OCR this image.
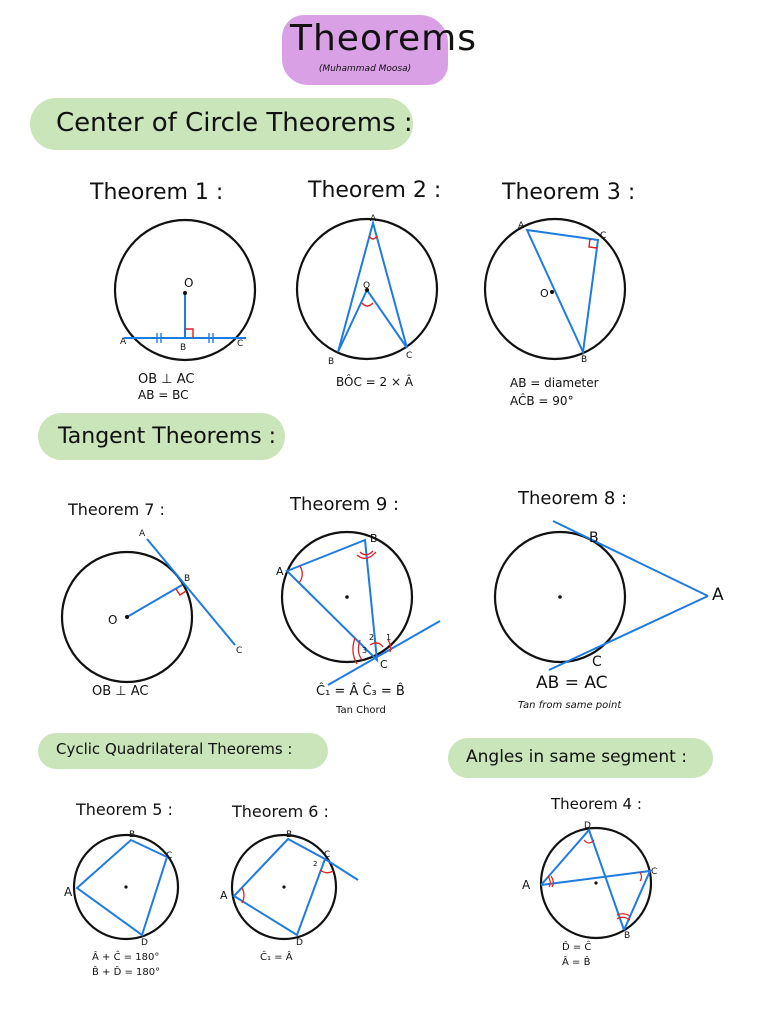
Theorems
(Muhammad Moosa)
Center of Circle Theorems :
Tangent Theorems :
Cyclic Quadrilateral Theorems :	Angles in same segment :
Theorem 1 :	Theorem 2 :	Theorem 3 :
Theorem 7 :	Theorem 9 :	Theorem 8 :
Theorem 5 :	Theorem 6 :	Theorem 4 :
OB ⊥ AC
AB = BC
BÔC = 2 × Â	AB = diameter
AĈB = 90°
OB ⊥ AC	Ĉ₁ = Â Ĉ₃ = B̂
Tan Chord
AB = AC
Tan from same point
Â + Ĉ = 180°
B̂ + D̂ = 180°
Ĉ₁ = Â
D̂ = Ĉ
Â = B̂
O
A
B	C
A
O
B
C
A
C
O
B
A
B
O
C
A
B
C
1
2
3
B
A
C
A
B
C
D
A
B
C
2
D
D
A
C
B
